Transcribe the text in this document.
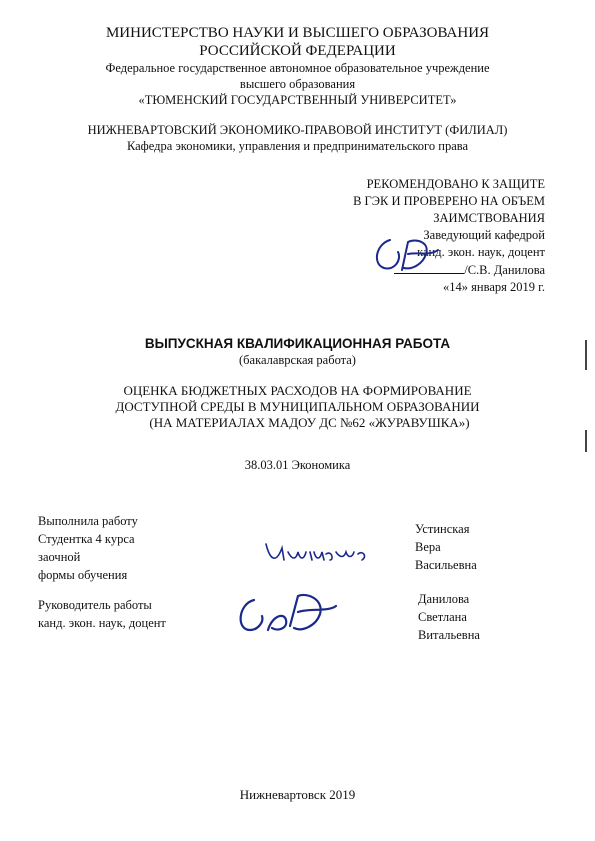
МИНИСТЕРСТВО НАУКИ И ВЫСШЕГО ОБРАЗОВАНИЯ
РОССИЙСКОЙ ФЕДЕРАЦИИ
Федеральное государственное автономное образовательное учреждение
высшего образования
«ТЮМЕНСКИЙ ГОСУДАРСТВЕННЫЙ УНИВЕРСИТЕТ»
НИЖНЕВАРТОВСКИЙ ЭКОНОМИКО-ПРАВОВОЙ ИНСТИТУТ (ФИЛИАЛ)
Кафедра экономики, управления и предпринимательского права
РЕКОМЕНДОВАНО К ЗАЩИТЕ
В ГЭК И ПРОВЕРЕНО НА ОБЪЕМ
ЗАИМСТВОВАНИЯ
Заведующий кафедрой
канд. экон. наук, доцент
/С.В. Данилова
«14» января 2019 г.
ВЫПУСКНАЯ КВАЛИФИКАЦИОННАЯ РАБОТА
(бакалаврская работа)
ОЦЕНКА БЮДЖЕТНЫХ РАСХОДОВ НА ФОРМИРОВАНИЕ
ДОСТУПНОЙ СРЕДЫ В МУНИЦИПАЛЬНОМ ОБРАЗОВАНИИ
(НА МАТЕРИАЛАХ МАДОУ ДС №62 «ЖУРАВУШКА»)
38.03.01 Экономика
Выполнила работу
Студентка 4 курса
заочной
формы обучения
Устинская
Вера
Васильевна
Руководитель работы
канд. экон. наук, доцент
Данилова
Светлана
Витальевна
Нижневартовск 2019
